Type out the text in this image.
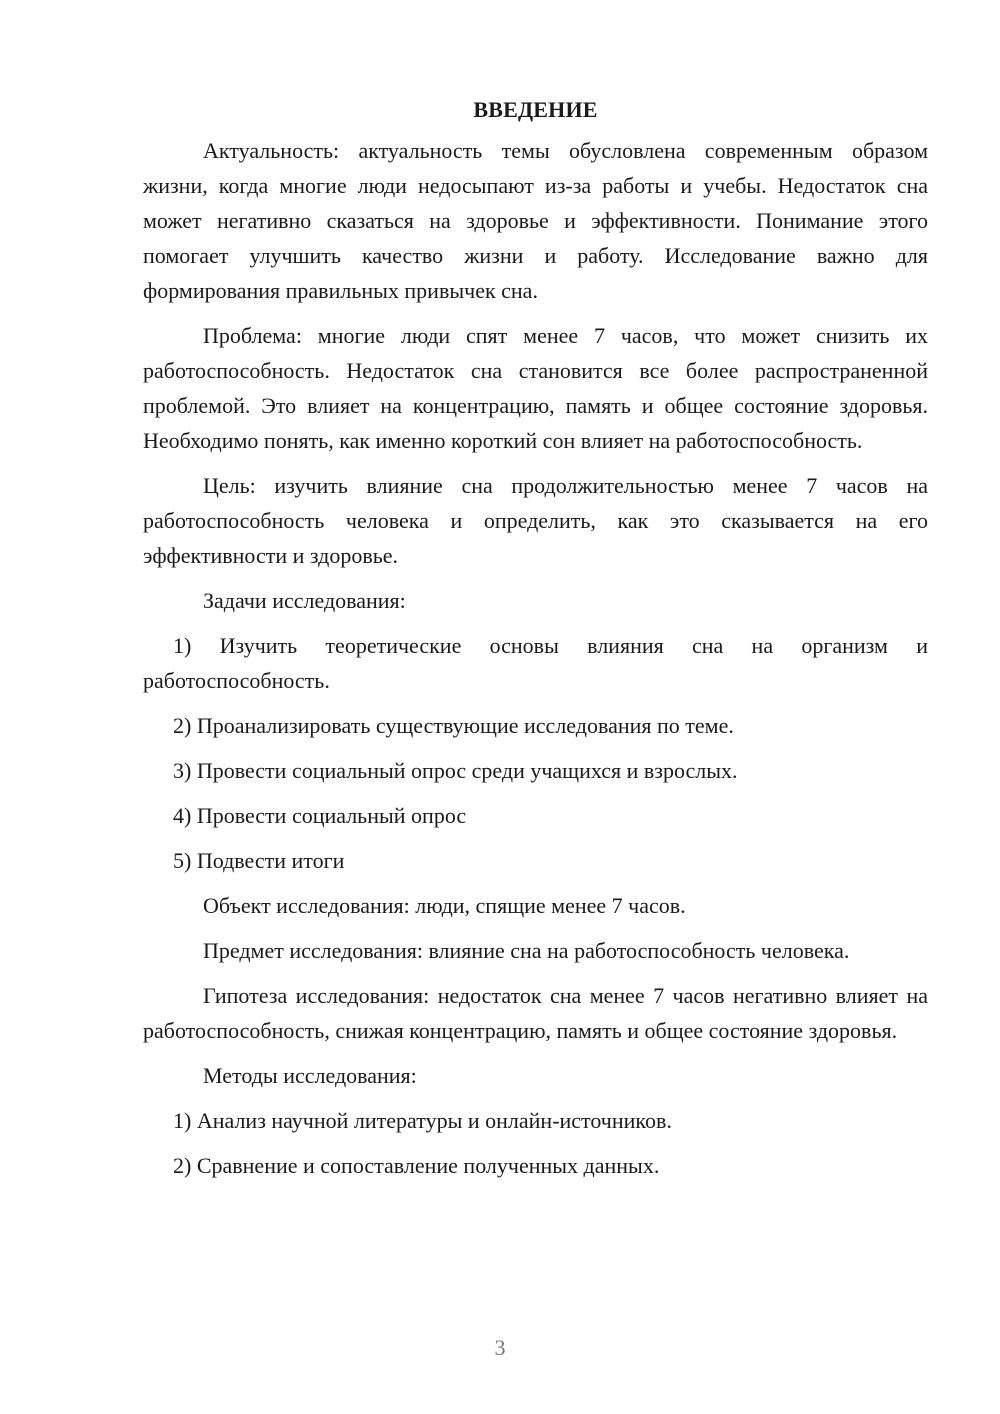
ВВЕДЕНИЕ

Актуальность: актуальность темы обусловлена современным образом жизни, когда многие люди недосыпают из-за работы и учебы. Недостаток сна может негативно сказаться на здоровье и эффективности. Понимание этого помогает улучшить качество жизни и работу. Исследование важно для формирования правильных привычек сна.

Проблема: многие люди спят менее 7 часов, что может снизить их работоспособность. Недостаток сна становится все более распространенной проблемой. Это влияет на концентрацию, память и общее состояние здоровья. Необходимо понять, как именно короткий сон влияет на работоспособность.

Цель: изучить влияние сна продолжительностью менее 7 часов на работоспособность человека и определить, как это сказывается на его эффективности и здоровье.

Задачи исследования:

1) Изучить теоретические основы влияния сна на организм и работоспособность.

2) Проанализировать существующие исследования по теме.

3) Провести социальный опрос среди учащихся и взрослых.

4) Провести социальный опрос

5) Подвести итоги

Объект исследования: люди, спящие менее 7 часов.

Предмет исследования: влияние сна на работоспособность человека.

Гипотеза исследования: недостаток сна менее 7 часов негативно влияет на работоспособность, снижая концентрацию, память и общее состояние здоровья.

Методы исследования:

1) Анализ научной литературы и онлайн-источников.

2) Сравнение и сопоставление полученных данных.

3
